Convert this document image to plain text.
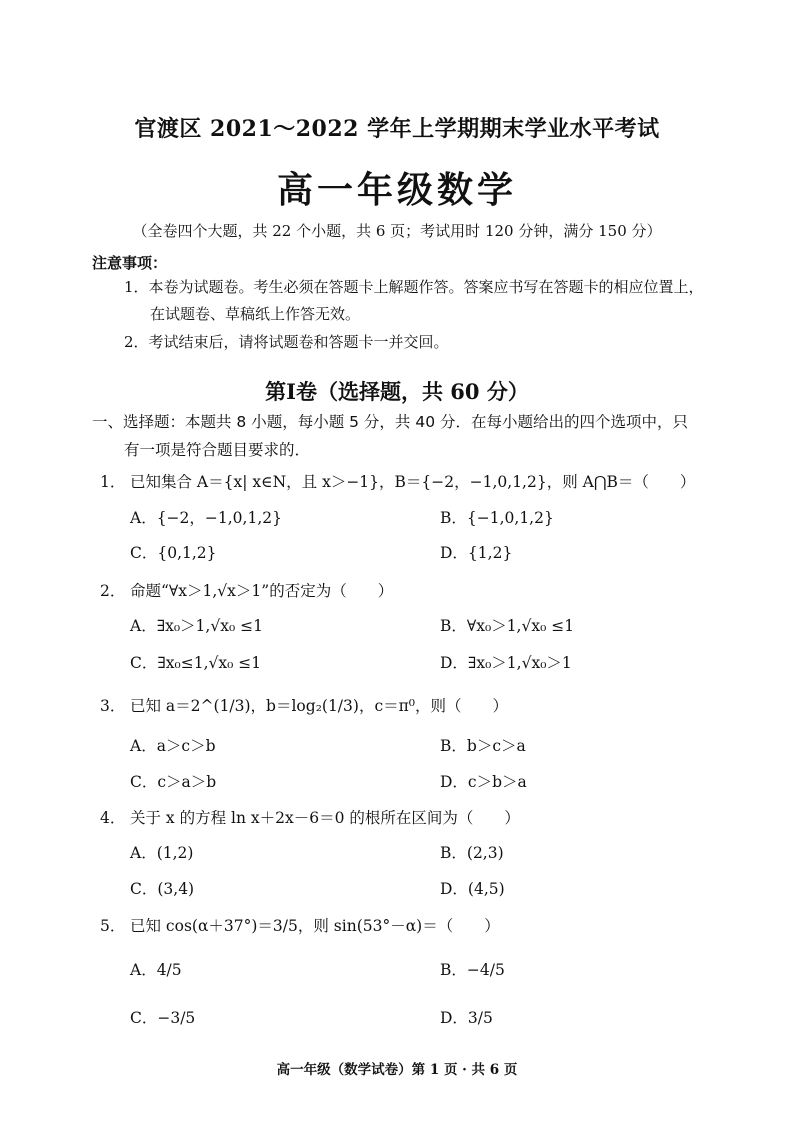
官渡区 2021～2022 学年上学期期末学业水平考试
高一年级数学
（全卷四个大题，共 22 个小题，共 6 页；考试用时 120 分钟，满分 150 分）
注意事项：
1．本卷为试题卷。考生必须在答题卡上解题作答。答案应书写在答题卡的相应位置上，
在试题卷、草稿纸上作答无效。
2．考试结束后，请将试题卷和答题卡一并交回。
第Ⅰ卷（选择题，共 60 分）
一、选择题：本题共 8 小题，每小题 5 分，共 40 分．在每小题给出的四个选项中，只
有一项是符合题目要求的．
1． 已知集合 A＝{x| x∈N，且 x＞−1}，B＝{−2，−1,0,1,2}，则 A⋂B＝（　　）
A．{−2，−1,0,1,2}	B．{−1,0,1,2}
C．{0,1,2}	D．{1,2}
2． 命题“∀x＞1,√x＞1”的否定为（　　）
A．∃x₀＞1,√x₀ ≤1	B．∀x₀＞1,√x₀ ≤1
C．∃x₀≤1,√x₀ ≤1	D．∃x₀＞1,√x₀＞1
3． 已知 a＝2^(1/3)，b＝log₂(1/3)，c＝π⁰，则（　　）
A．a＞c＞b	B．b＞c＞a
C．c＞a＞b	D．c＞b＞a
4． 关于 x 的方程 ln x＋2x－6＝0 的根所在区间为（　　）
A．(1,2)	B．(2,3)
C．(3,4)	D．(4,5)
5． 已知 cos(α＋37°)＝3/5，则 sin(53°－α)＝（　　）
A．4/5	B．−4/5
C．−3/5	D．3/5
高一年级（数学试卷）第 1 页 · 共 6 页
